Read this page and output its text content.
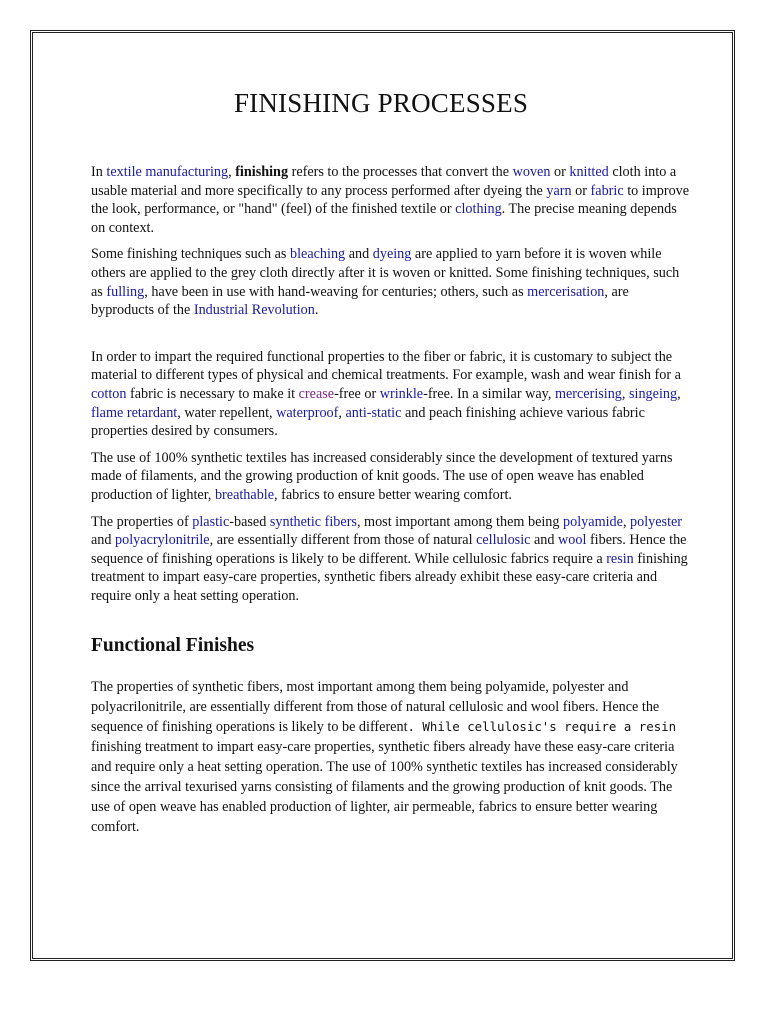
FINISHING PROCESSES

In textile manufacturing, finishing refers to the processes that convert the woven or knitted cloth into a usable material and more specifically to any process performed after dyeing the yarn or fabric to improve the look, performance, or "hand" (feel) of the finished textile or clothing. The precise meaning depends on context.

Some finishing techniques such as bleaching and dyeing are applied to yarn before it is woven while others are applied to the grey cloth directly after it is woven or knitted. Some finishing techniques, such as fulling, have been in use with hand-weaving for centuries; others, such as mercerisation, are byproducts of the Industrial Revolution.

In order to impart the required functional properties to the fiber or fabric, it is customary to subject the material to different types of physical and chemical treatments. For example, wash and wear finish for a cotton fabric is necessary to make it crease-free or wrinkle-free. In a similar way, mercerising, singeing, flame retardant, water repellent, waterproof, anti-static and peach finishing achieve various fabric properties desired by consumers.

The use of 100% synthetic textiles has increased considerably since the development of textured yarns made of filaments, and the growing production of knit goods. The use of open weave has enabled production of lighter, breathable, fabrics to ensure better wearing comfort.

The properties of plastic-based synthetic fibers, most important among them being polyamide, polyester and polyacrylonitrile, are essentially different from those of natural cellulosic and wool fibers. Hence the sequence of finishing operations is likely to be different. While cellulosic fabrics require a resin finishing treatment to impart easy-care properties, synthetic fibers already exhibit these easy-care criteria and require only a heat setting operation.

Functional Finishes

The properties of synthetic fibers, most important among them being polyamide, polyester and polyacrilonitrile, are essentially different from those of natural cellulosic and wool fibers. Hence the sequence of finishing operations is likely to be different. While cellulosic's require a resin finishing treatment to impart easy-care properties, synthetic fibers already have these easy-care criteria and require only a heat setting operation. The use of 100% synthetic textiles has increased considerably since the arrival texurised yarns consisting of filaments and the growing production of knit goods. The use of open weave has enabled production of lighter, air permeable, fabrics to ensure better wearing comfort.
